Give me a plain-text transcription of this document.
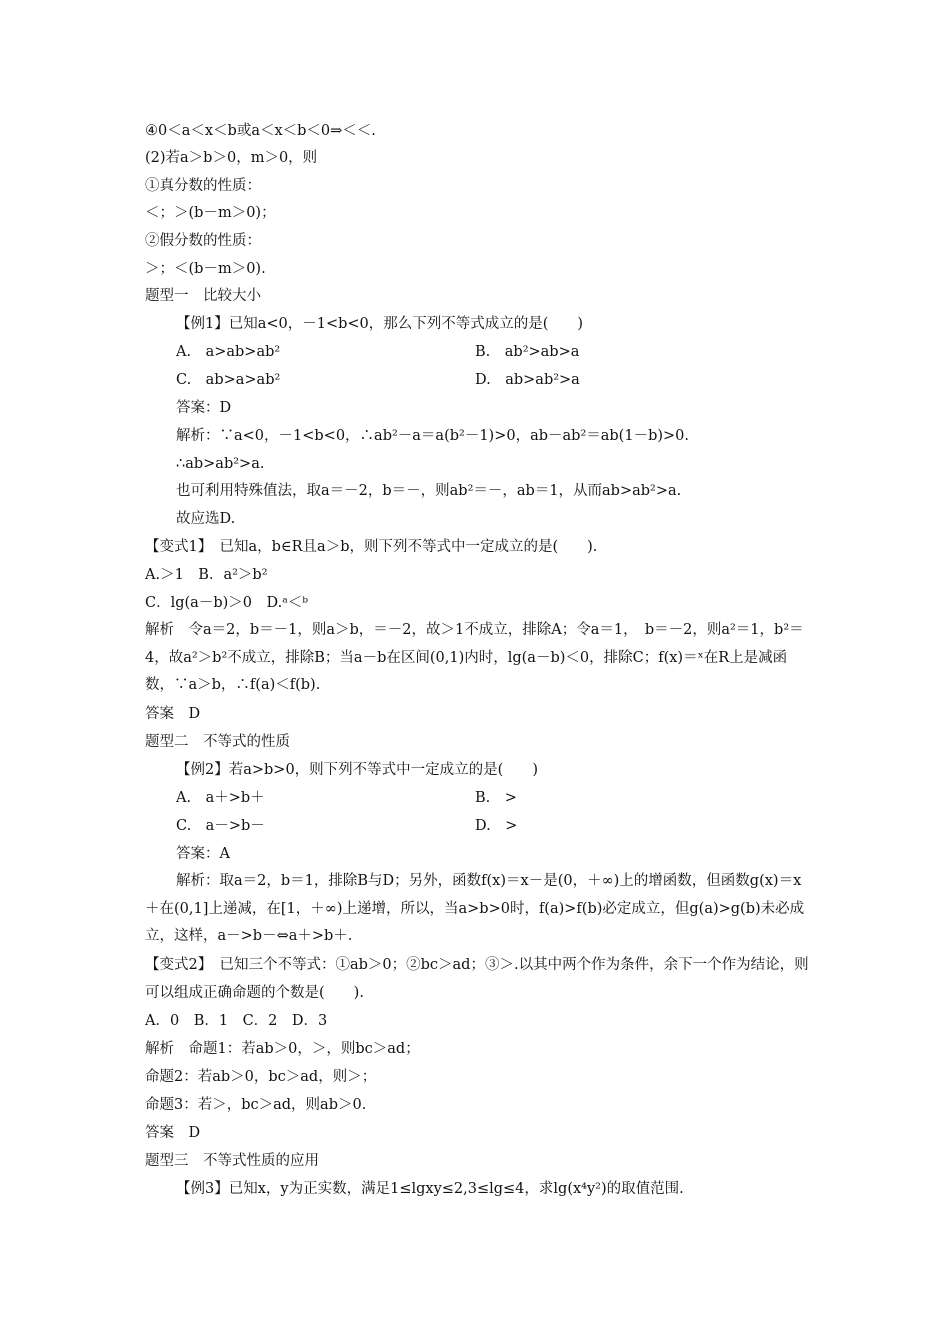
④0＜a＜x＜b或a＜x＜b＜0⇒＜＜.
(2)若a＞b＞0，m＞0，则
①真分数的性质：
＜；＞(b－m＞0)；
②假分数的性质：
＞；＜(b－m＞0).
题型一　比较大小
【例1】已知a<0，－1<b<0，那么下列不等式成立的是(　　)
A.　a>ab>ab²	B.　ab²>ab>a
C.　ab>a>ab²	D.　ab>ab²>a
答案：D
解析：∵a<0，－1<b<0，∴ab²－a＝a(b²－1)>0，ab－ab²＝ab(1－b)>0.
∴ab>ab²>a.
也可利用特殊值法，取a＝－2，b＝－，则ab²＝－，ab＝1，从而ab>ab²>a.
故应选D.
【变式1】　已知a，b∈R且a＞b，则下列不等式中一定成立的是(　　).
A.＞1　B．a²＞b²
C．lg(a－b)＞0　D.ᵃ＜ᵇ
解析　令a＝2，b＝－1，则a＞b，＝－2，故＞1不成立，排除A；令a＝1，　b＝－2，则a²＝1，b²＝4，故a²＞b²不成立，排除B；当a－b在区间(0,1)内时，lg(a－b)＜0，排除C；f(x)＝ˣ在R上是减函数，∵a＞b，∴f(a)＜f(b).
答案　D
题型二　不等式的性质
【例2】若a>b>0，则下列不等式中一定成立的是(　　)
A.　a＋>b＋	B.　>
C.　a－>b－	D.　>
答案：A
解析：取a＝2，b＝1，排除B与D；另外，函数f(x)＝x－是(0，＋∞)上的增函数，但函数g(x)＝x＋在(0,1]上递减，在[1，＋∞)上递增，所以，当a>b>0时，f(a)>f(b)必定成立，但g(a)>g(b)未必成立，这样，a－>b－⇔a＋>b＋.
【变式2】　已知三个不等式：①ab＞0；②bc＞ad；③＞.以其中两个作为条件，余下一个作为结论，则可以组成正确命题的个数是(　　).
A．0　B．1　C．2　D．3
解析　命题1：若ab＞0，＞，则bc＞ad；
命题2：若ab＞0，bc＞ad，则＞；
命题3：若＞，bc＞ad，则ab＞0.
答案　D
题型三　不等式性质的应用
【例3】已知x，y为正实数，满足1≤lgxy≤2,3≤lg≤4，求lg(x⁴y²)的取值范围.
